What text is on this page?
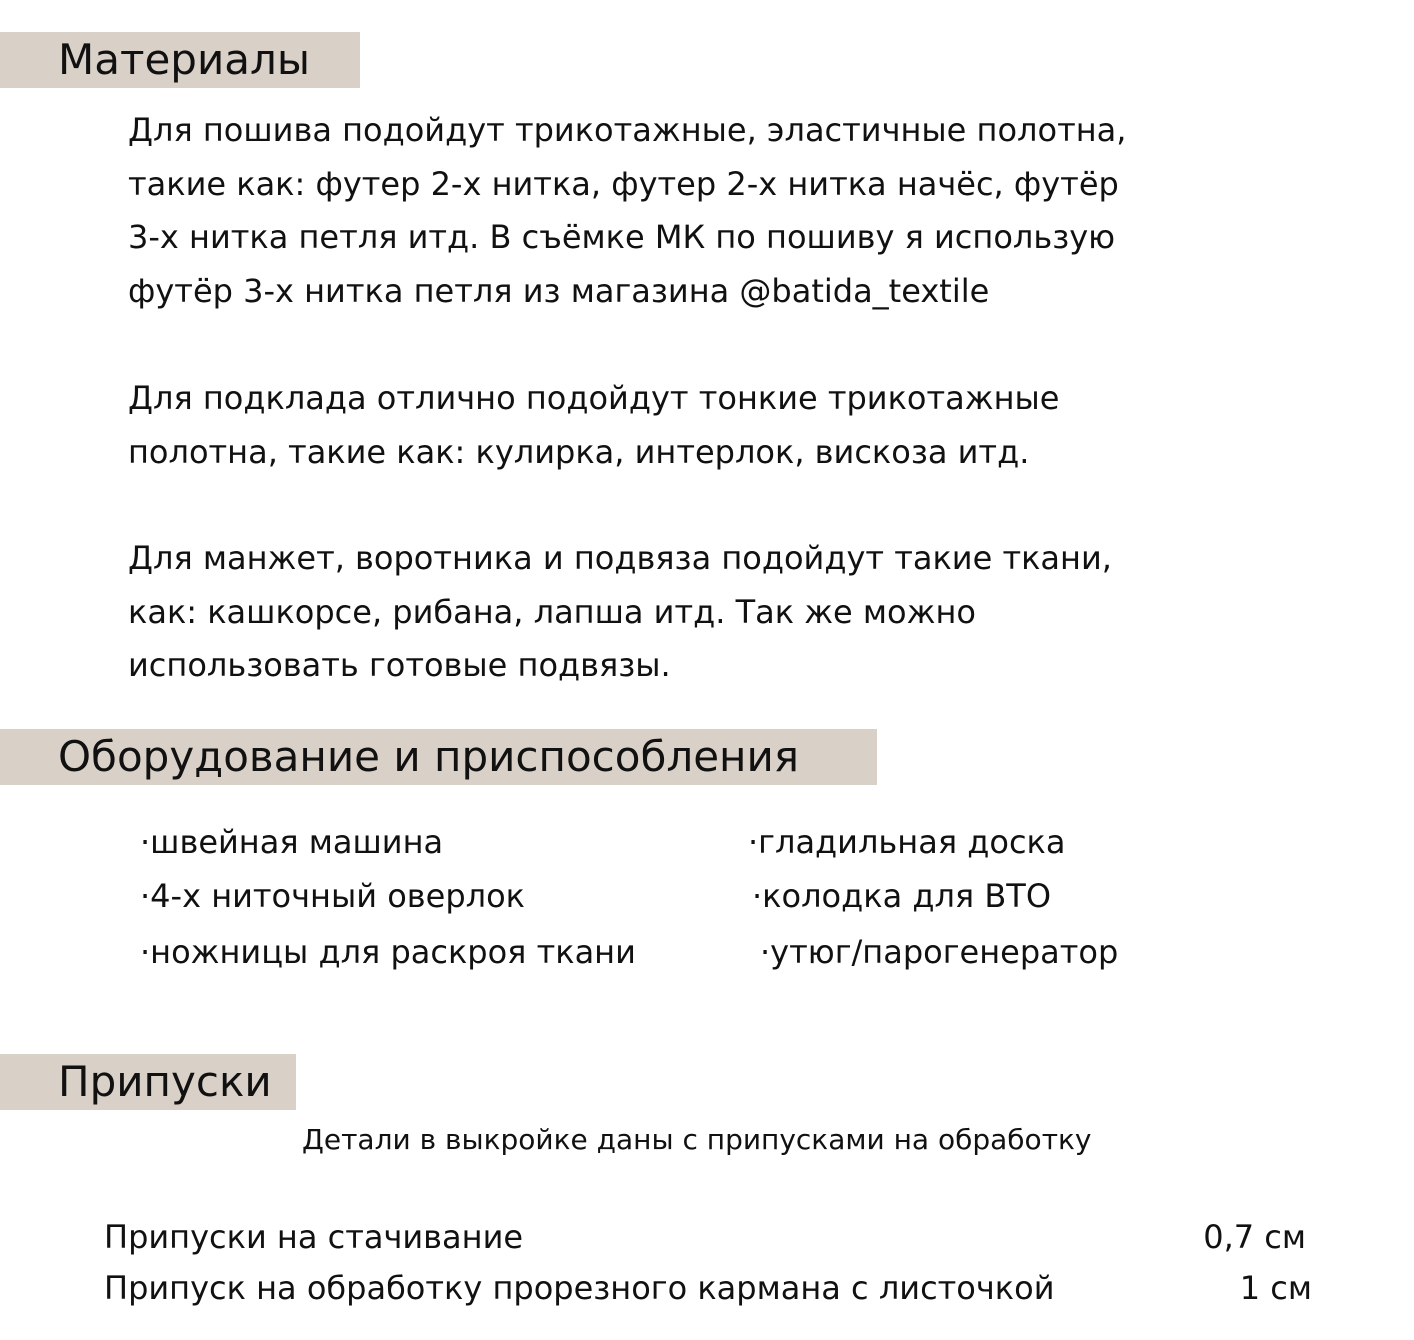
Материалы

Для пошива подойдут трикотажные, эластичные полотна,
такие как: футер 2-х нитка, футер 2-х нитка начёс, футёр
3-х нитка петля итд. В съёмке МК по пошиву я использую
футёр 3-х нитка петля из магазина @batida_textile

Для подклада отлично подойдут тонкие трикотажные
полотна, такие как: кулирка, интерлок, вискоза итд.

Для манжет, воротника и подвяза подойдут такие ткани,
как: кашкорсе, рибана, лапша итд. Так же можно
использовать готовые подвязы.

Оборудование и приспособления
·швейная машина
·4-х ниточный оверлок
·ножницы для раскроя ткани
·гладильная доска
·колодка для ВТО
·утюг/парогенератор
Припуски
Детали в выкройке даны с припусками на обработку
Припуски на стачивание	0,7 см
Припуск на обработку прорезного кармана с листочкой	1 см
